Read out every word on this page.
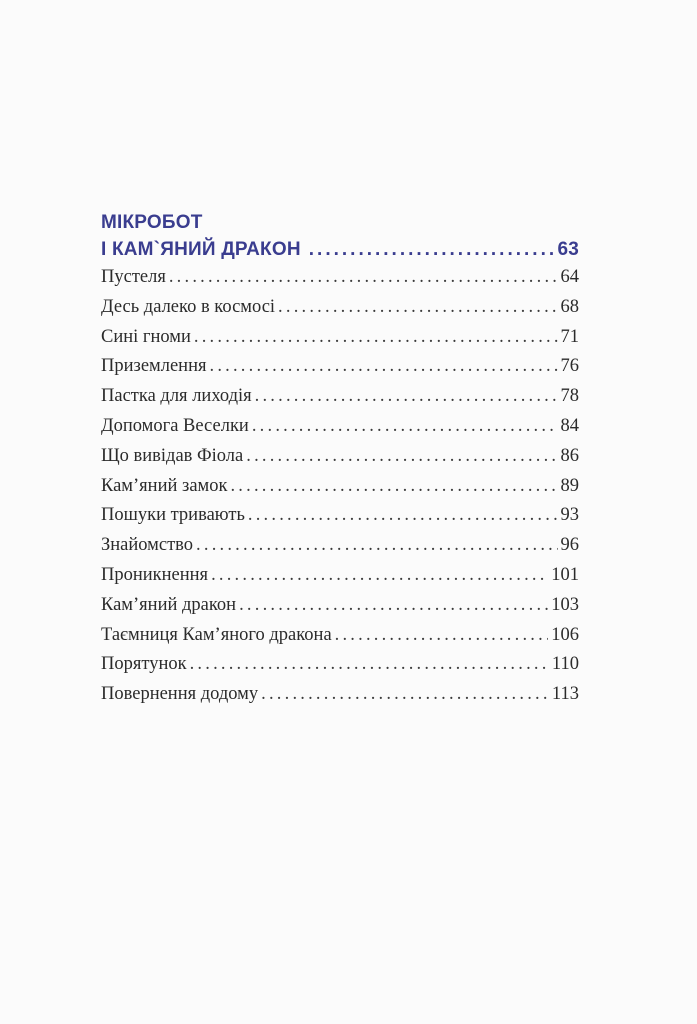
МІКРОБОТ
І КАМ`ЯНИЙ ДРАКОН .....	63
Пустеля .....	64
Десь далеко в космосі .....	68
Сині гноми .....	71
Приземлення .....	76
Пастка для лиходія .....	78
Допомога Веселки .....	84
Що вивідав Фіола .....	86
Кам’яний замок .....	89
Пошуки тривають .....	93
Знайомство .....	96
Проникнення .....	101
Кам’яний дракон .....	103
Таємниця Кам’яного дракона .....	106
Порятунок .....	110
Повернення додому .....	113
